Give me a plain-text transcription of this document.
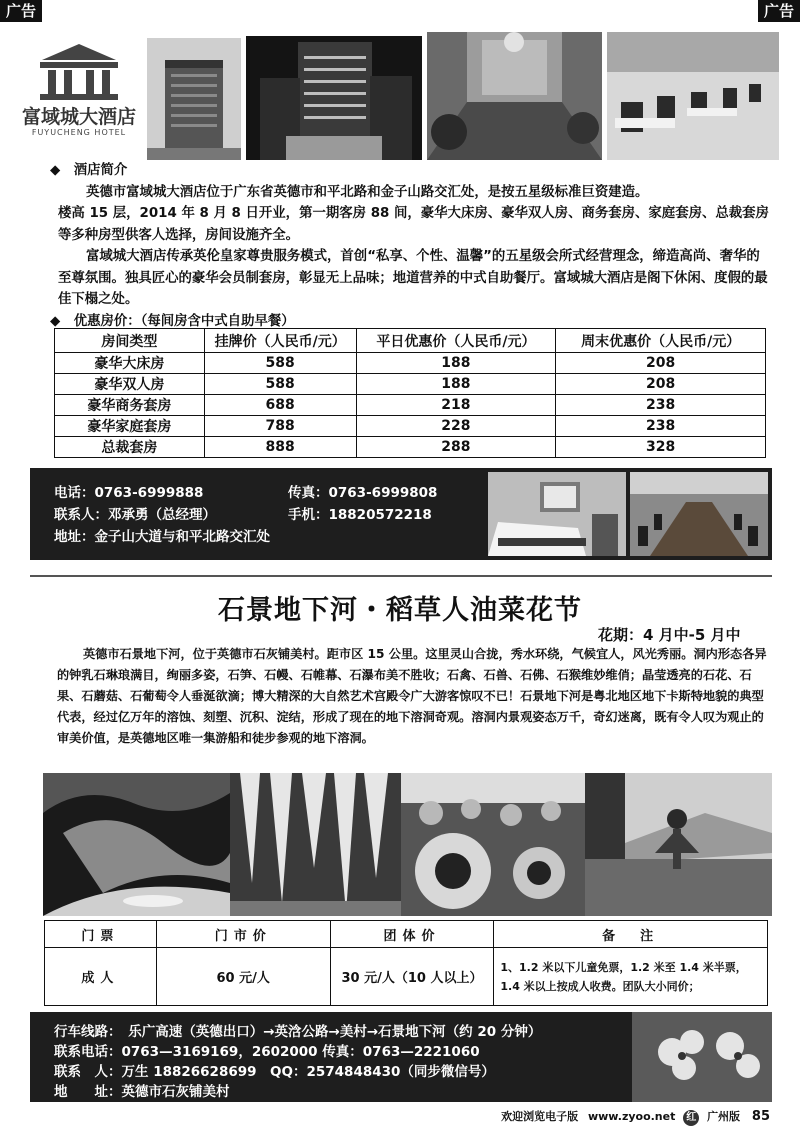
广告	广告
富域城大酒店
FUYUCHENG HOTEL

◆　酒店简介

英德市富域城大酒店位于广东省英德市和平北路和金子山路交汇处，是按五星级标准巨资建造。

楼高 15 层，2014 年 8 月 8 日开业，第一期客房 88 间，豪华大床房、豪华双人房、商务套房、家庭套房、总裁套房等多种房型供客人选择，房间设施齐全。

富域城大酒店传承英伦皇家尊贵服务模式，首创“私享、个性、温馨”的五星级会所式经营理念，缔造高尚、奢华的至尊氛围。独具匠心的豪华会员制套房，彰显无上品味；地道营养的中式自助餐厅。富域城大酒店是阁下休闲、度假的最佳下榻之处。

◆　优惠房价：（每间房含中式自助早餐）

房间类型	挂牌价（人民币/元）	平日优惠价（人民币/元）	周末优惠价（人民币/元）
豪华大床房	588	188	208
豪华双人房	588	188	208
豪华商务套房	688	218	238
豪华家庭套房	788	228	238
总裁套房	888	288	328
电话：0763-6999888	传真：0763-6999808
联系人：邓承勇（总经理）	手机：18820572218
地址：金子山大道与和平北路交汇处
石景地下河・稻草人油菜花节
花期：4 月中-5 月中
英德市石景地下河，位于英德市石灰铺美村。距市区 15 公里。这里灵山合拢，秀水环绕，气候宜人，风光秀丽。洞内形态各异的钟乳石琳琅满目，绚丽多姿，石笋、石幔、石帷幕、石瀑布美不胜收；石禽、石兽、石佛、石猴维妙维俏；晶莹透亮的石花、石果、石蘑菇、石葡萄令人垂涎欲滴；博大精深的大自然艺术宫殿令广大游客惊叹不已！石景地下河是粤北地区地下卡斯特地貌的典型代表，经过亿万年的溶蚀、刻塑、沉积、淀结，形成了现在的地下溶洞奇观。溶洞内景观姿态万千，奇幻迷离，既有令人叹为观止的审美价值，是英德地区唯一集游船和徒步参观的地下溶洞。
门票	门市价	团体价	备　注
成人	60 元/人	30 元/人（10 人以上）	1、1.2 米以下儿童免票，1.2 米至 1.4 米半票，
1.4 米以上按成人收费。团队大小同价；
行车线路：　乐广高速（英德出口）→英浛公路→美村→石景地下河（约 20 分钟）
联系电话：0763—3169169，2602000 传真：0763—2221060
联系　人：万生 18826628699　QQ：2574848430（同步微信号）
地　　址：英德市石灰铺美村
欢迎浏览电子版 www.zyoo.net 红 广州版 85
